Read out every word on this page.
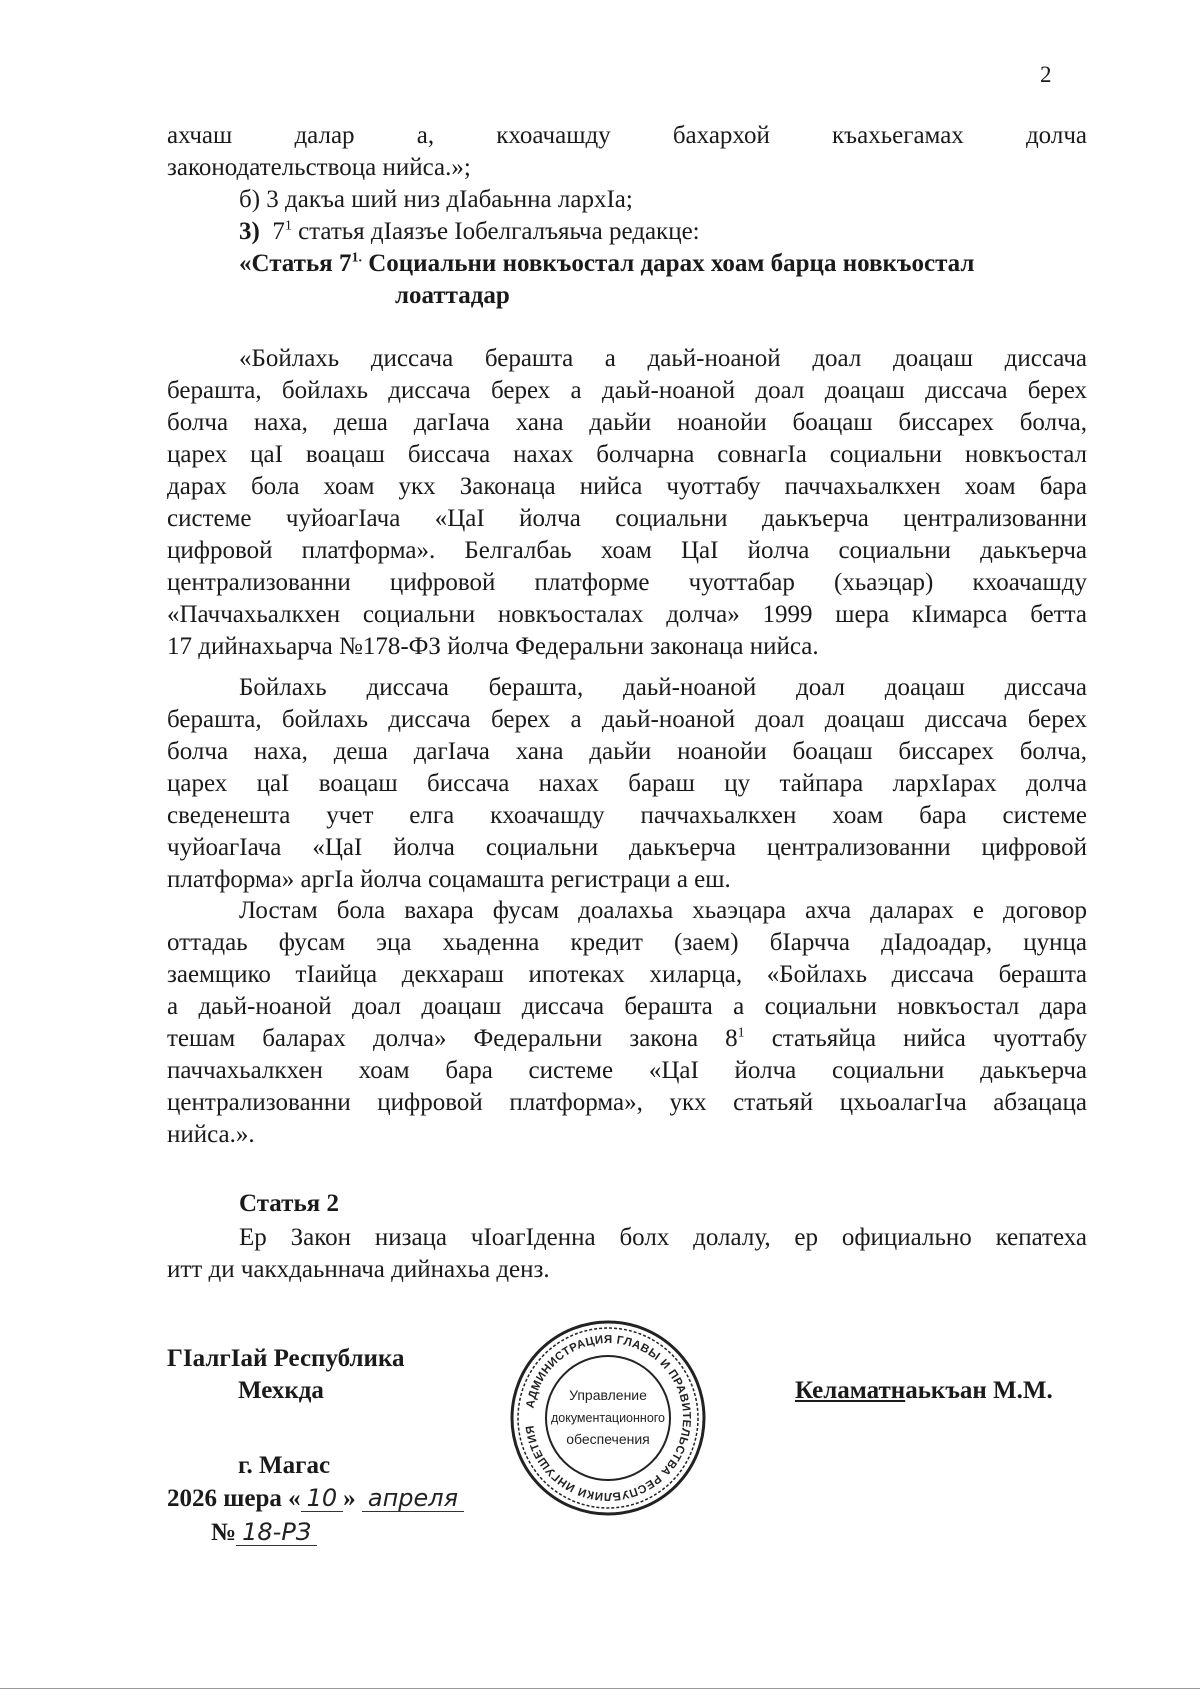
2
ахчаш далар а, кхоачашду бахархой къахьегамах долча
законодательствоца нийса.»;
б) 3 дакъа ший низ дІабаьнна лархІа;
3) $7^1$ статья дІаязъе Іобелгалъяьча редакце:
«Статья $7^{1.}$ Социальни новкъостал дарах хоам барца новкъостал
лоаттадар
«Бойлахь диссача бераштa а даьй-ноаной доал доацаш диссача
бераштa, бойлахь диссача берех а даьй-ноаной доал доацаш диссача берех
болча наха, деша дагІача хана даьйи ноанойи боацаш биссарех болча,
царех цаІ воацаш биссача нахах болчарна совнагІа социальни новкъостал
дарах бола хоам укх Законаца нийса чуоттабу паччахьалкхен хоам бара
системе чуйоагІача «ЦаІ йолча социальни даькъерча централизованни
цифровой платформа». Белгалбаь хоам ЦаІ йолча социальни даькъерча
централизованни цифровой платформе чуоттабар (хьаэцар) кхоачашду
«Паччахьалкхен социальни новкъосталах долча» 1999 шера кІимарса бетта
17 дийнахьарча №178-ФЗ йолча Федеральни законаца нийса.
Бойлахь диссача бераштa, даьй-ноаной доал доацаш диссача
бераштa, бойлахь диссача берех а даьй-ноаной доал доацаш диссача берех
болча наха, деша дагІача хана даьйи ноанойи боацаш биссарех болча,
царех цаІ воацаш биссача нахах бараш цу тайпара лархІарах долча
сведенешта учет елга кхоачашду паччахьалкхен хоам бара системе
чуйоагІача «ЦаІ йолча социальни даькъерча централизованни цифровой
платформа» аргІа йолча соцамашта регистраци а еш.
Лостам бола вахара фусам доалахьа хьаэцара ахча даларах е договор
оттадаь фусам эца хьаденна кредит (заем) бІарчча дІадоадар, цунца
заемщико тІаийца декхараш ипотеках хиларца, «Бойлахь диссача бераштa
а даьй-ноаной доал доацаш диссача бераштa а социальни новкъостал дара
тешам баларах долча» Федеральни закона $8^1$ статьяйца нийса чуоттабу
паччахьалкхен хоам бара системе «ЦаІ йолча социальни даькъерча
централизованни цифровой платформа», укх статьяй цхьоалагІча абзацаца
нийса.».
Статья 2
Ер Закон низаца чІоагІденна болх долалу, ер официально кепатеха
итт ди чакхдаьннача дийнахьа денз.
ГІалгІай Республика
Мехкда
г. Магас
2026 шера « 10 » апреля
№ 18-РЗ
Келаматнаькъан М.М.
АДМИНИСТРАЦИЯ ГЛАВЫ И ПРАВИТЕЛЬСТВА РЕСПУБЛИКИ ИНГУШЕТИЯ
Управление
документационного
обеспечения
